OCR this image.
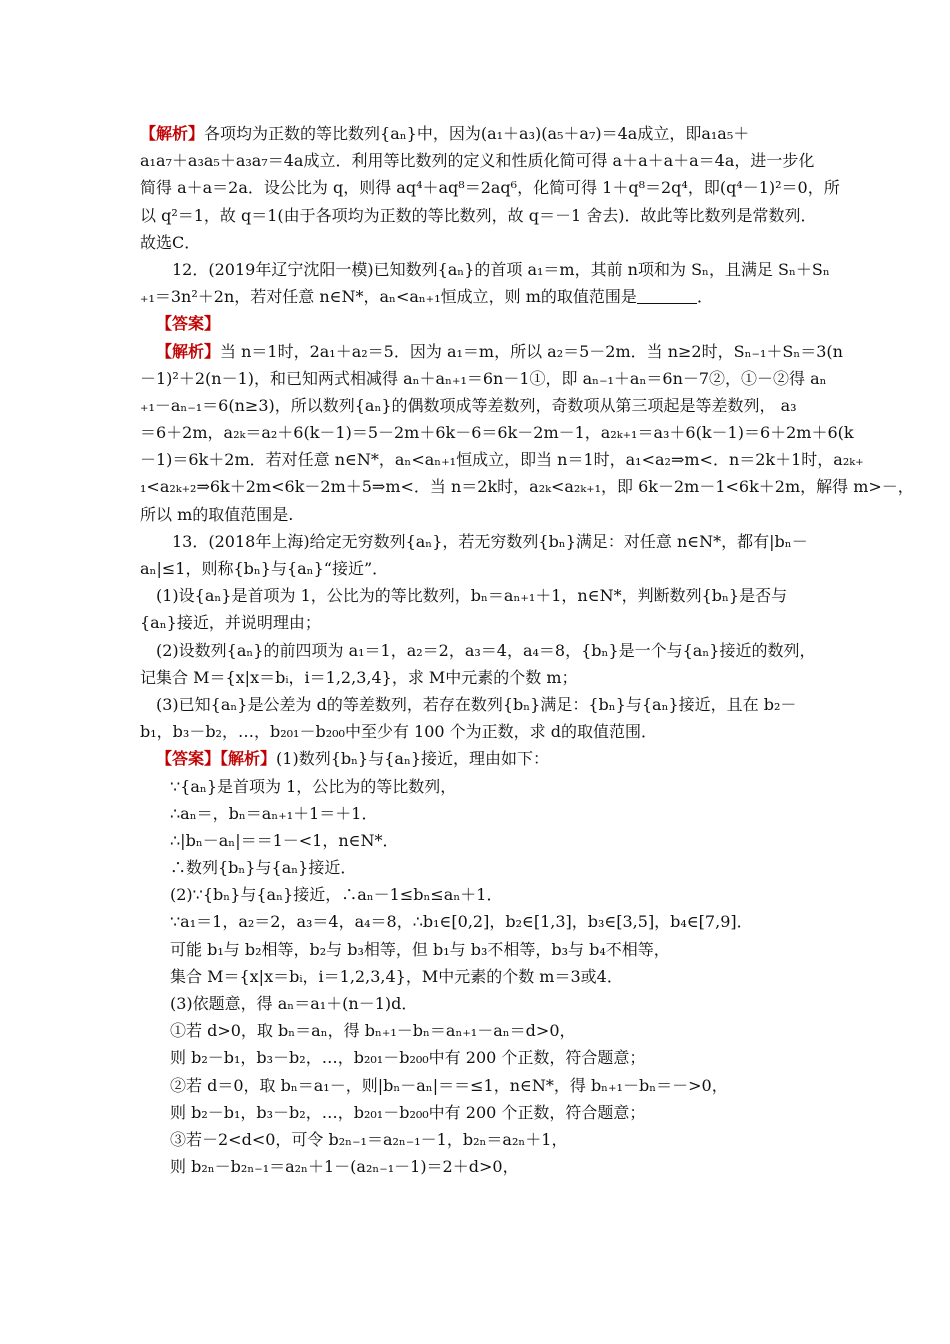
【解析】各项均为正数的等比数列{aₙ}中，因为(a₁＋a₃)(a₅＋a₇)＝4a成立，即a₁a₅＋
a₁a₇＋a₃a₅＋a₃a₇＝4a成立．利用等比数列的定义和性质化简可得 a＋a＋a＋a＝4a，进一步化
简得 a＋a＝2a．设公比为 q，则得 aq⁴＋aq⁸＝2aq⁶，化简可得 1＋q⁸＝2q⁴，即(q⁴－1)²＝0，所
以 q²＝1，故 q＝1(由于各项均为正数的等比数列，故 q＝－1 舍去)．故此等比数列是常数列．
故选C．
12．(2019年辽宁沈阳一模)已知数列{aₙ}的首项 a₁＝m，其前 n项和为 Sₙ，且满足 Sₙ＋Sₙ
₊₁＝3n²＋2n，若对任意 n∈N*，aₙ<aₙ₊₁恒成立，则 m的取值范围是	．
【答案】
【解析】当 n＝1时，2a₁＋a₂＝5．因为 a₁＝m，所以 a₂＝5－2m．当 n≥2时，Sₙ₋₁＋Sₙ＝3(n
－1)²＋2(n－1)，和已知两式相减得 aₙ＋aₙ₊₁＝6n－1①，即 aₙ₋₁＋aₙ＝6n－7②，①－②得 aₙ
₊₁－aₙ₋₁＝6(n≥3)，所以数列{aₙ}的偶数项成等差数列，奇数项从第三项起是等差数列， a₃
＝6＋2m，a₂ₖ＝a₂＋6(k－1)＝5－2m＋6k－6＝6k－2m－1，a₂ₖ₊₁＝a₃＋6(k－1)＝6＋2m＋6(k
－1)＝6k＋2m．若对任意 n∈N*，aₙ<aₙ₊₁恒成立，即当 n＝1时，a₁<a₂⇒m<．n＝2k＋1时，a₂ₖ₊
₁<a₂ₖ₊₂⇒6k＋2m<6k－2m＋5⇒m<．当 n＝2k时，a₂ₖ<a₂ₖ₊₁，即 6k－2m－1<6k＋2m，解得 m>－，
所以 m的取值范围是.
13．(2018年上海)给定无穷数列{aₙ}，若无穷数列{bₙ}满足：对任意 n∈N*，都有|bₙ－
aₙ|≤1，则称{bₙ}与{aₙ}“接近”．
(1)设{aₙ}是首项为 1，公比为的等比数列，bₙ＝aₙ₊₁＋1，n∈N*，判断数列{bₙ}是否与
{aₙ}接近，并说明理由；
(2)设数列{aₙ}的前四项为 a₁＝1，a₂＝2，a₃＝4，a₄＝8，{bₙ}是一个与{aₙ}接近的数列，
记集合 M＝{x|x＝bᵢ，i＝1,2,3,4}，求 M中元素的个数 m；
(3)已知{aₙ}是公差为 d的等差数列，若存在数列{bₙ}满足：{bₙ}与{aₙ}接近，且在 b₂－
b₁，b₃－b₂，…，b₂₀₁－b₂₀₀中至少有 100 个为正数，求 d的取值范围．
【答案】【解析】(1)数列{bₙ}与{aₙ}接近，理由如下：
∵{aₙ}是首项为 1，公比为的等比数列，
∴aₙ＝，bₙ＝aₙ₊₁＋1＝＋1．
∴|bₙ－aₙ|＝＝1－<1，n∈N*．
∴数列{bₙ}与{aₙ}接近．
(2)∵{bₙ}与{aₙ}接近，∴aₙ－1≤bₙ≤aₙ＋1．
∵a₁＝1，a₂＝2，a₃＝4，a₄＝8，∴b₁∈[0,2]，b₂∈[1,3]，b₃∈[3,5]，b₄∈[7,9]．
可能 b₁与 b₂相等，b₂与 b₃相等，但 b₁与 b₃不相等，b₃与 b₄不相等，
集合 M＝{x|x＝bᵢ，i＝1,2,3,4}，M中元素的个数 m＝3或4．
(3)依题意，得 aₙ＝a₁＋(n－1)d．
①若 d>0，取 bₙ＝aₙ，得 bₙ₊₁－bₙ＝aₙ₊₁－aₙ＝d>0，
则 b₂－b₁，b₃－b₂，…，b₂₀₁－b₂₀₀中有 200 个正数，符合题意；
②若 d＝0，取 bₙ＝a₁－，则|bₙ－aₙ|＝＝≤1，n∈N*，得 bₙ₊₁－bₙ＝－>0，
则 b₂－b₁，b₃－b₂，…，b₂₀₁－b₂₀₀中有 200 个正数，符合题意；
③若－2<d<0，可令 b₂ₙ₋₁＝a₂ₙ₋₁－1，b₂ₙ＝a₂ₙ＋1，
则 b₂ₙ－b₂ₙ₋₁＝a₂ₙ＋1－(a₂ₙ₋₁－1)＝2＋d>0，
